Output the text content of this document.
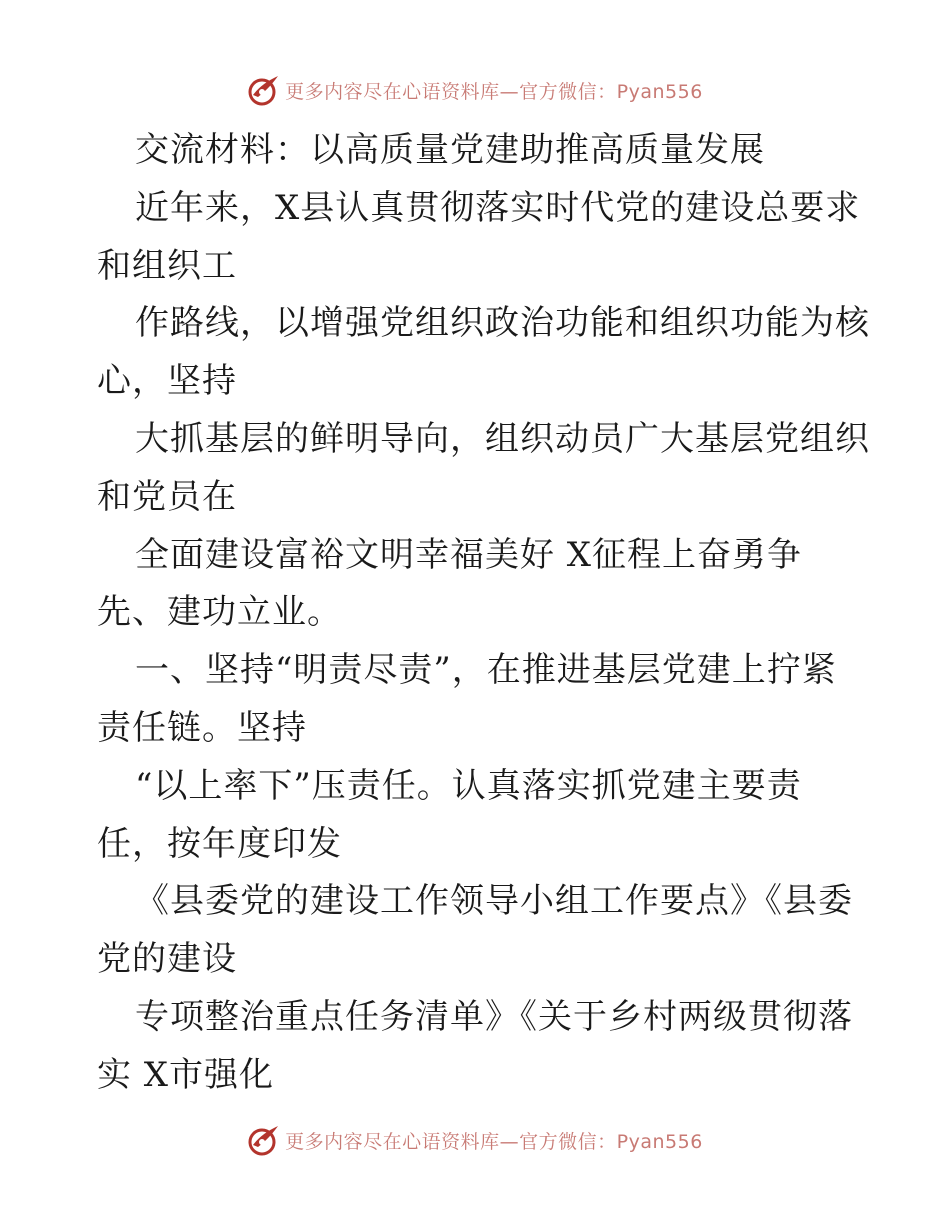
更多内容尽在心语资料库—官方微信：Pyan556
交流材料：以高质量党建助推高质量发展
近年来，X县认真贯彻落实时代党的建设总要求
和组织工
作路线，以增强党组织政治功能和组织功能为核
心，坚持
大抓基层的鲜明导向，组织动员广大基层党组织
和党员在
全面建设富裕文明幸福美好 X征程上奋勇争
先、建功立业。
一、坚持“明责尽责”，在推进基层党建上拧紧
责任链。坚持
“以上率下”压责任。认真落实抓党建主要责
任，按年度印发
《县委党的建设工作领导小组工作要点》《县委
党的建设
专项整治重点任务清单》《关于乡村两级贯彻落
实 X市强化
更多内容尽在心语资料库—官方微信：Pyan556
